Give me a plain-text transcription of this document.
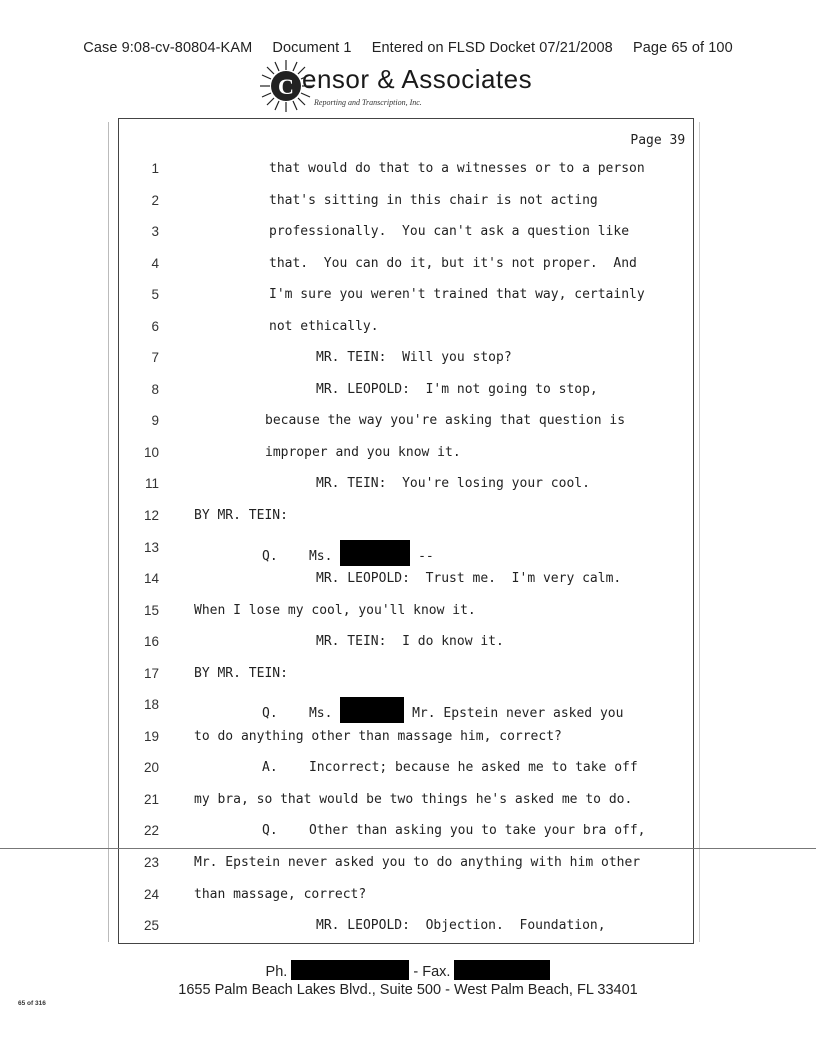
Case 9:08-cv-80804-KAM Document 1 Entered on FLSD Docket 07/21/2008 Page 65 of 100
C ensor & Associates
Reporting and Transcription, Inc.
Page 39
1	that would do that to a witnesses or to a person
2	that's sitting in this chair is not acting
3	professionally.  You can't ask a question like
4	that.  You can do it, but it's not proper.  And
5	I'm sure you weren't trained that way, certainly
6	not ethically.
7	MR. TEIN:  Will you stop?
8	MR. LEOPOLD:  I'm not going to stop,
9	because the way you're asking that question is
10	improper and you know it.
11	MR. TEIN:  You're losing your cool.
12	BY MR. TEIN:
13
Q.    Ms.	--
14	MR. LEOPOLD:  Trust me.  I'm very calm.
15	When I lose my cool, you'll know it.
16	MR. TEIN:  I do know it.
17	BY MR. TEIN:
18
Q.    Ms.	Mr. Epstein never asked you
19	to do anything other than massage him, correct?
20	A.    Incorrect; because he asked me to take off
21	my bra, so that would be two things he's asked me to do.
22	Q.    Other than asking you to take your bra off,
23	Mr. Epstein never asked you to do anything with him other
24	than massage, correct?
25	MR. LEOPOLD:  Objection.  Foundation,
Ph.	- Fax.
1655 Palm Beach Lakes Blvd., Suite 500 - West Palm Beach, FL 33401
65 of 316
